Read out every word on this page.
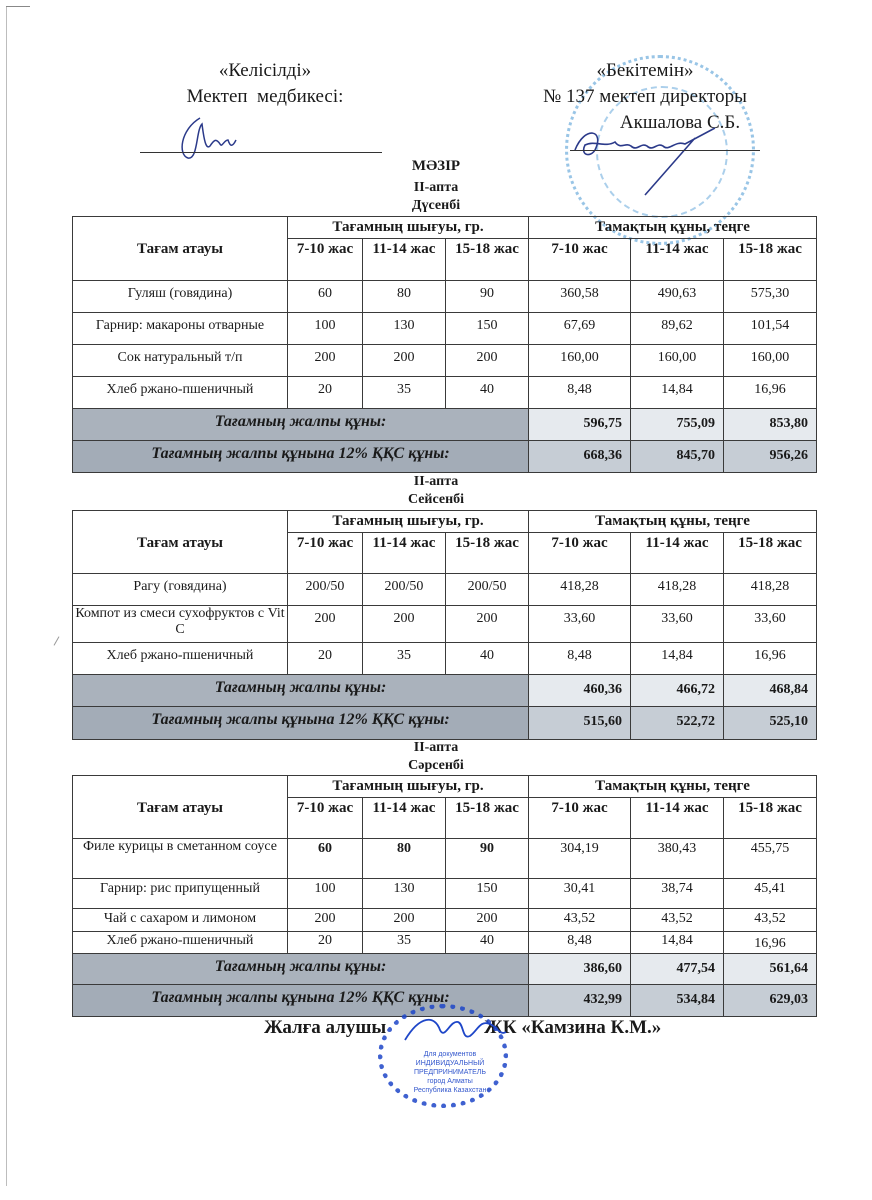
«Келісілді»
Мектеп  медбикесі:
«Бекітемін»
№ 137 мектеп директоры
Акшалова С.Б.
МӘЗІР
ІІ-апта
Дүсенбі
Тағам атауы	Тағамның шығуы, гр.			Тамақтың құны, теңге		
	7-10 жас	11-14 жас	15-18 жас	7-10 жас	11-14 жас	15-18 жас
Гуляш (говядина)	60	80	90	360,58	490,63	575,30
Гарнир: макароны отварные	100	130	150	67,69	89,62	101,54
Сок натуральный т/п	200	200	200	160,00	160,00	160,00
Хлеб ржано-пшеничный	20	35	40	8,48	14,84	16,96
Тағамның жалпы құны:				596,75	755,09	853,80
Тағамның жалпы құнына 12% ҚҚС құны:				668,36	845,70	956,26
ІІ-апта
Сейсенбі
Тағам атауы	Тағамның шығуы, гр.			Тамақтың құны, теңге		
	7-10 жас	11-14 жас	15-18 жас	7-10 жас	11-14 жас	15-18 жас
Рагу (говядина)	200/50	200/50	200/50	418,28	418,28	418,28
Компот из смеси сухофруктов с Vit C	200	200	200	33,60	33,60	33,60
Хлеб ржано-пшеничный	20	35	40	8,48	14,84	16,96
Тағамның жалпы құны:				460,36	466,72	468,84
Тағамның жалпы құнына 12% ҚҚС құны:				515,60	522,72	525,10
ІІ-апта
Сәрсенбі
Тағам атауы	Тағамның шығуы, гр.			Тамақтың құны, теңге		
	7-10 жас	11-14 жас	15-18 жас	7-10 жас	11-14 жас	15-18 жас
Филе курицы в сметанном соусе	60	80	90	304,19	380,43	455,75
Гарнир: рис припущенный	100	130	150	30,41	38,74	45,41
Чай с сахаром и лимоном	200	200	200	43,52	43,52	43,52
Хлеб ржано-пшеничный	20	35	40	8,48	14,84	16,96
Тағамның жалпы құны:				386,60	477,54	561,64
Тағамның жалпы құнына 12% ҚҚС құны:				432,99	534,84	629,03
Жалға алушы	ЖК «Камзина К.М.»
Для документов
ИНДИВИДУАЛЬНЫЙ ПРЕДПРИНИМАТЕЛЬ
город Алматы
Республика Казахстан
